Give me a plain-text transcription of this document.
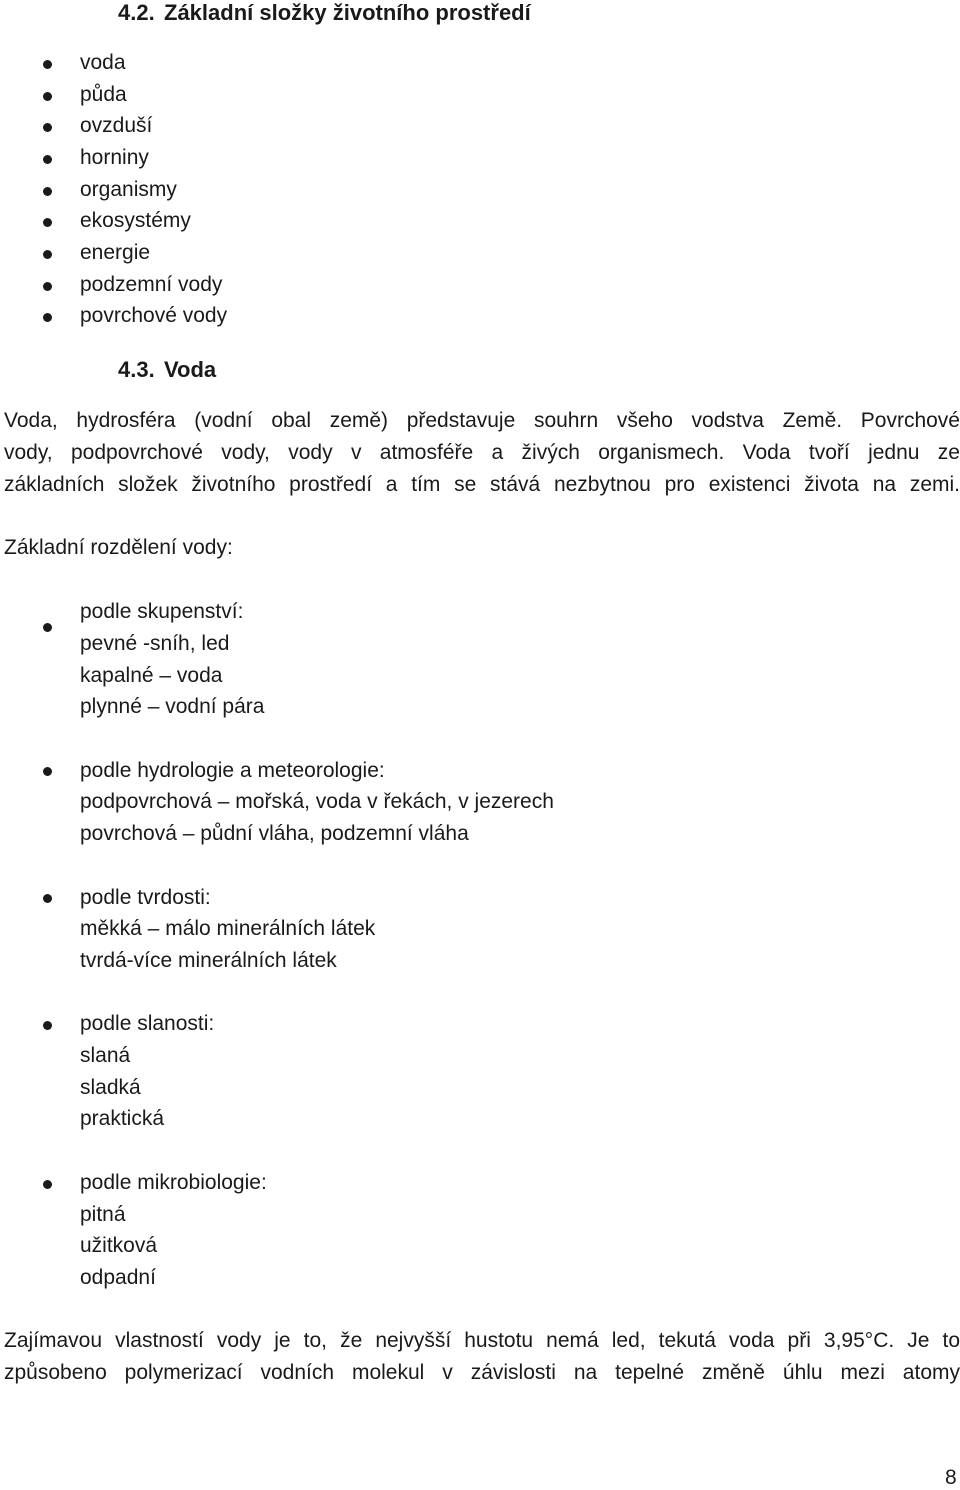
4.2. Základní složky životního prostředí
voda
půda
ovzduší
horniny
organismy
ekosystémy
energie
podzemní vody
povrchové vody
4.3. Voda
Voda, hydrosféra (vodní obal země) představuje souhrn všeho vodstva Země. Povrchové
vody, podpovrchové vody, vody v atmosféře a živých organismech. Voda tvoří jednu ze
základních složek životního prostředí a tím se stává nezbytnou pro existenci života na zemi.
Základní rozdělení vody:
podle skupenství:
pevné -sníh, led
kapalné – voda
plynné – vodní pára
podle hydrologie a meteorologie:
podpovrchová – mořská, voda v řekách, v jezerech
povrchová – půdní vláha, podzemní vláha
podle tvrdosti:
měkká – málo minerálních látek
tvrdá-více minerálních látek
podle slanosti:
slaná
sladká
praktická
podle mikrobiologie:
pitná
užitková
odpadní
Zajímavou vlastností vody je to, že nejvyšší hustotu nemá led, tekutá voda při 3,95°C. Je to
způsobeno polymerizací vodních molekul v závislosti na tepelné změně úhlu mezi atomy
8
